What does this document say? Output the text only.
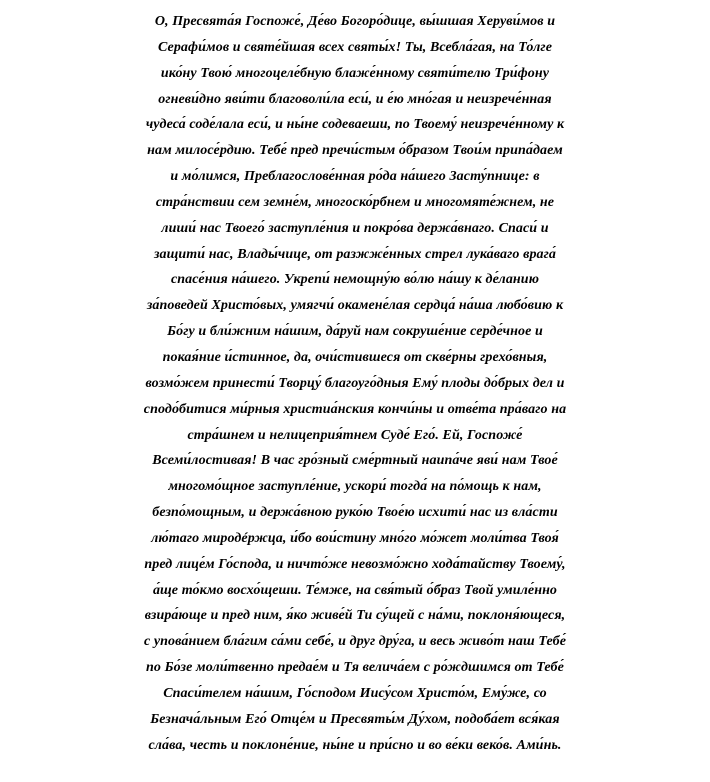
О, Пресвята́я Госпоже́, Де́во Богоро́дице, вы́шшая Херуви́мов и
Серафи́мов и святе́йшая всех святы́х! Ты, Всебла́гая, на То́лге
ико́ну Твою́ многоцеле́бную блаже́нному святи́телю Три́фону
огневи́дно яви́ти благоволи́ла еси́, и е́ю мно́гая и неизрече́нная
чудеса́ соде́лала еси́, и ны́не содеваеши, по Твоему́ неизрече́нному к
нам милосе́рдию. Тебе́ пред пречи́стым о́бразом Твои́м припа́даем
и мо́лимся, Преблагослове́нная ро́да на́шего Засту́пнице: в
стра́нствии сем земне́м, многоско́рбнем и многомяте́жнем, не
лиши́ нас Твоего́ заступле́ния и покро́ва держа́внаго. Спаси́ и
защити́ нас, Влады́чице, от разжже́нных стрел лука́ваго врага́
спасе́ния на́шего. Укрепи́ немощну́ю во́лю на́шу к де́ланию
за́поведей Христо́вых, умягчи́ окамене́лая сердца́ на́ша любо́вию к
Бо́гу и бли́жним на́шим, да́руй нам сокруше́ние серде́чное и
покая́ние и́стинное, да, очи́стившеся от скве́рны грехо́вныя,
возмо́жем принести́ Творцу́ благоуго́дныя Ему́ плоды до́брых дел и
сподо́битися ми́рныя христиа́нския кончи́ны и отве́та пра́ваго на
стра́шнем и нелицеприя́тнем Суде́ Его́. Ей, Госпоже́
Всеми́лостивая! В час гро́зный сме́ртный наипа́че яви́ нам Твое́
многомо́щное заступле́ние, ускори́ тогда́ на по́мощь к нам,
безпо́мощным, и держа́вною руко́ю Твое́ю исхити́ нас из вла́сти
лю́таго миродéржца, и́бо вои́стину мно́го мо́жет моли́тва Твоя́
пред лице́м Го́спода, и ничто́же невозмо́жно хода́тайству Твоему́,
а́ще то́кмо восхо́щеши. Те́мже, на свя́тый о́браз Твой умиле́нно
взира́юще и пред ним, я́ко живе́й Ти су́щей с на́ми, поклоня́ющеся,
с упова́нием бла́гим са́ми себе́, и друг дру́га, и весь живо́т наш Тебе́
по Бо́зе моли́твенно предае́м и Тя велича́ем с ро́ждшимся от Тебе́
Спаси́телем на́шим, Го́сподом Иису́сом Христо́м, Ему́же, со
Безнача́льным Его́ Отце́м и Пресвяты́м Ду́хом, подоба́ет вся́кая
сла́ва, честь и поклоне́ние, ны́не и при́сно и во ве́ки веко́в. Ами́нь.
